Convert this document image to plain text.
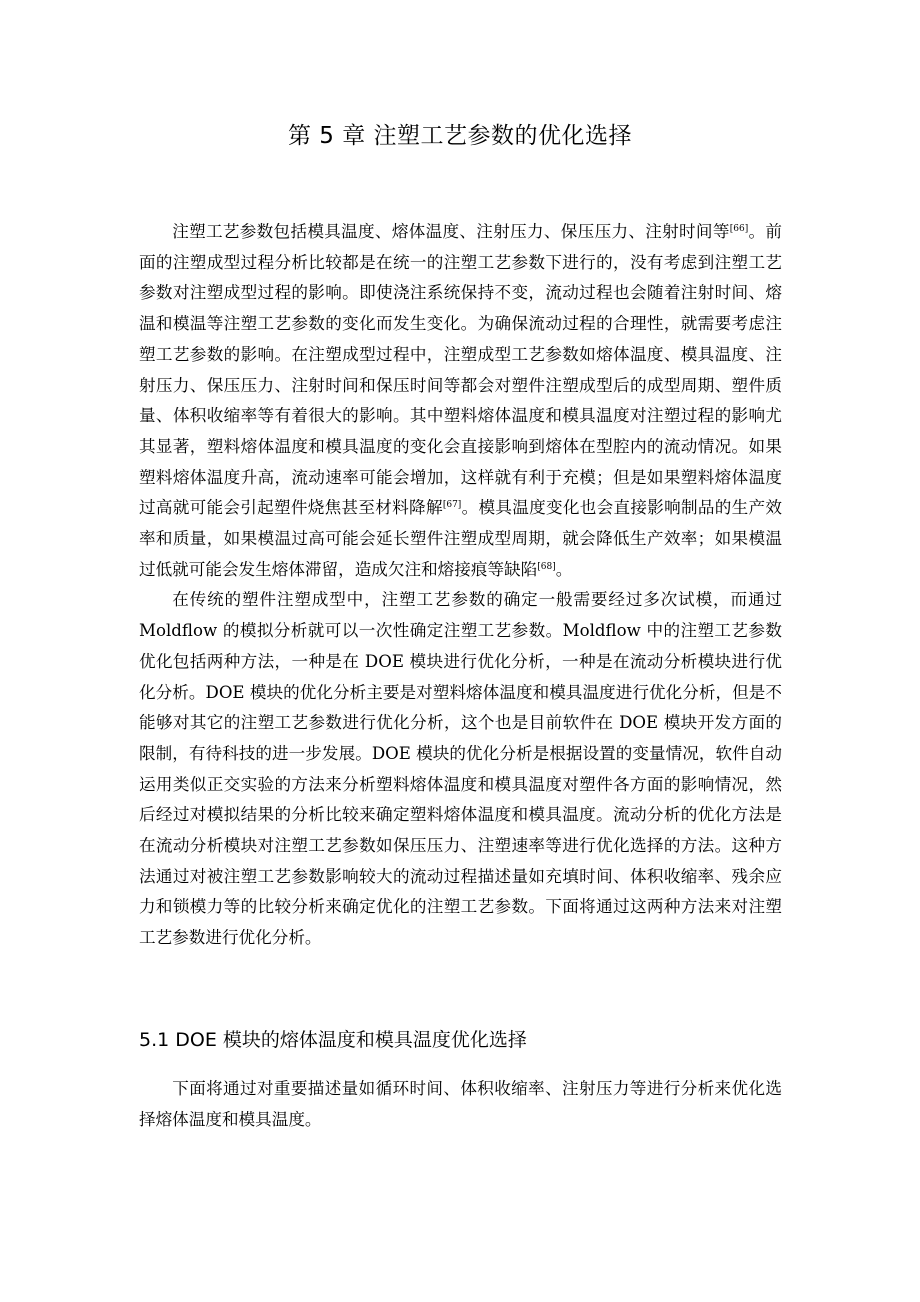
第 5 章 注塑工艺参数的优化选择

注塑工艺参数包括模具温度、熔体温度、注射压力、保压压力、注射时间等[66]。前面的注塑成型过程分析比较都是在统一的注塑工艺参数下进行的，没有考虑到注塑工艺参数对注塑成型过程的影响。即使浇注系统保持不变，流动过程也会随着注射时间、熔温和模温等注塑工艺参数的变化而发生变化。为确保流动过程的合理性，就需要考虑注塑工艺参数的影响。在注塑成型过程中，注塑成型工艺参数如熔体温度、模具温度、注射压力、保压压力、注射时间和保压时间等都会对塑件注塑成型后的成型周期、塑件质量、体积收缩率等有着很大的影响。其中塑料熔体温度和模具温度对注塑过程的影响尤其显著，塑料熔体温度和模具温度的变化会直接影响到熔体在型腔内的流动情况。如果塑料熔体温度升高，流动速率可能会增加，这样就有利于充模；但是如果塑料熔体温度过高就可能会引起塑件烧焦甚至材料降解[67]。模具温度变化也会直接影响制品的生产效率和质量，如果模温过高可能会延长塑件注塑成型周期，就会降低生产效率；如果模温过低就可能会发生熔体滞留，造成欠注和熔接痕等缺陷[68]。

在传统的塑件注塑成型中，注塑工艺参数的确定一般需要经过多次试模，而通过 Moldflow 的模拟分析就可以一次性确定注塑工艺参数。Moldflow 中的注塑工艺参数优化包括两种方法，一种是在 DOE 模块进行优化分析，一种是在流动分析模块进行优化分析。DOE 模块的优化分析主要是对塑料熔体温度和模具温度进行优化分析，但是不能够对其它的注塑工艺参数进行优化分析，这个也是目前软件在 DOE 模块开发方面的限制，有待科技的进一步发展。DOE 模块的优化分析是根据设置的变量情况，软件自动运用类似正交实验的方法来分析塑料熔体温度和模具温度对塑件各方面的影响情况，然后经过对模拟结果的分析比较来确定塑料熔体温度和模具温度。流动分析的优化方法是在流动分析模块对注塑工艺参数如保压压力、注塑速率等进行优化选择的方法。这种方法通过对被注塑工艺参数影响较大的流动过程描述量如充填时间、体积收缩率、残余应力和锁模力等的比较分析来确定优化的注塑工艺参数。下面将通过这两种方法来对注塑工艺参数进行优化分析。

5.1 DOE 模块的熔体温度和模具温度优化选择

下面将通过对重要描述量如循环时间、体积收缩率、注射压力等进行分析来优化选择熔体温度和模具温度。
